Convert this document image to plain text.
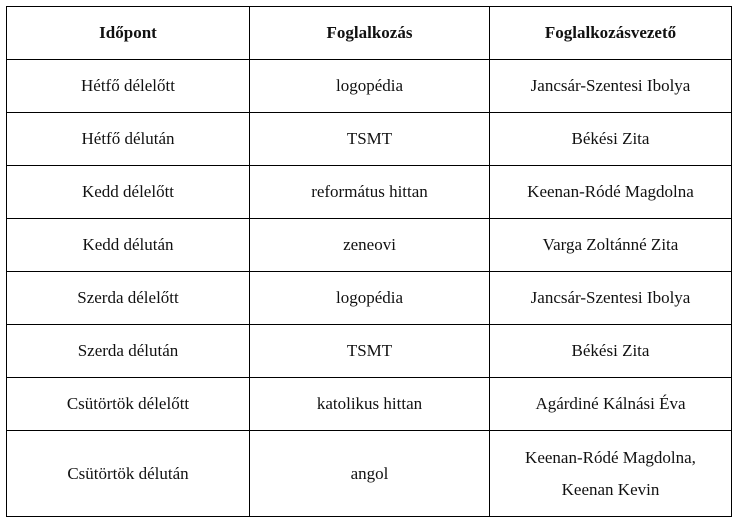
Időpont	Foglalkozás	Foglalkozásvezető
Hétfő délelőtt	logopédia	Jancsár-Szentesi Ibolya
Hétfő délután	TSMT	Békési Zita
Kedd délelőtt	református hittan	Keenan-Ródé Magdolna
Kedd délután	zeneovi	Varga Zoltánné Zita
Szerda délelőtt	logopédia	Jancsár-Szentesi Ibolya
Szerda délután	TSMT	Békési Zita
Csütörtök délelőtt	katolikus hittan	Agárdiné Kálnási Éva
Csütörtök délután	angol	Keenan-Ródé Magdolna,
Keenan Kevin
